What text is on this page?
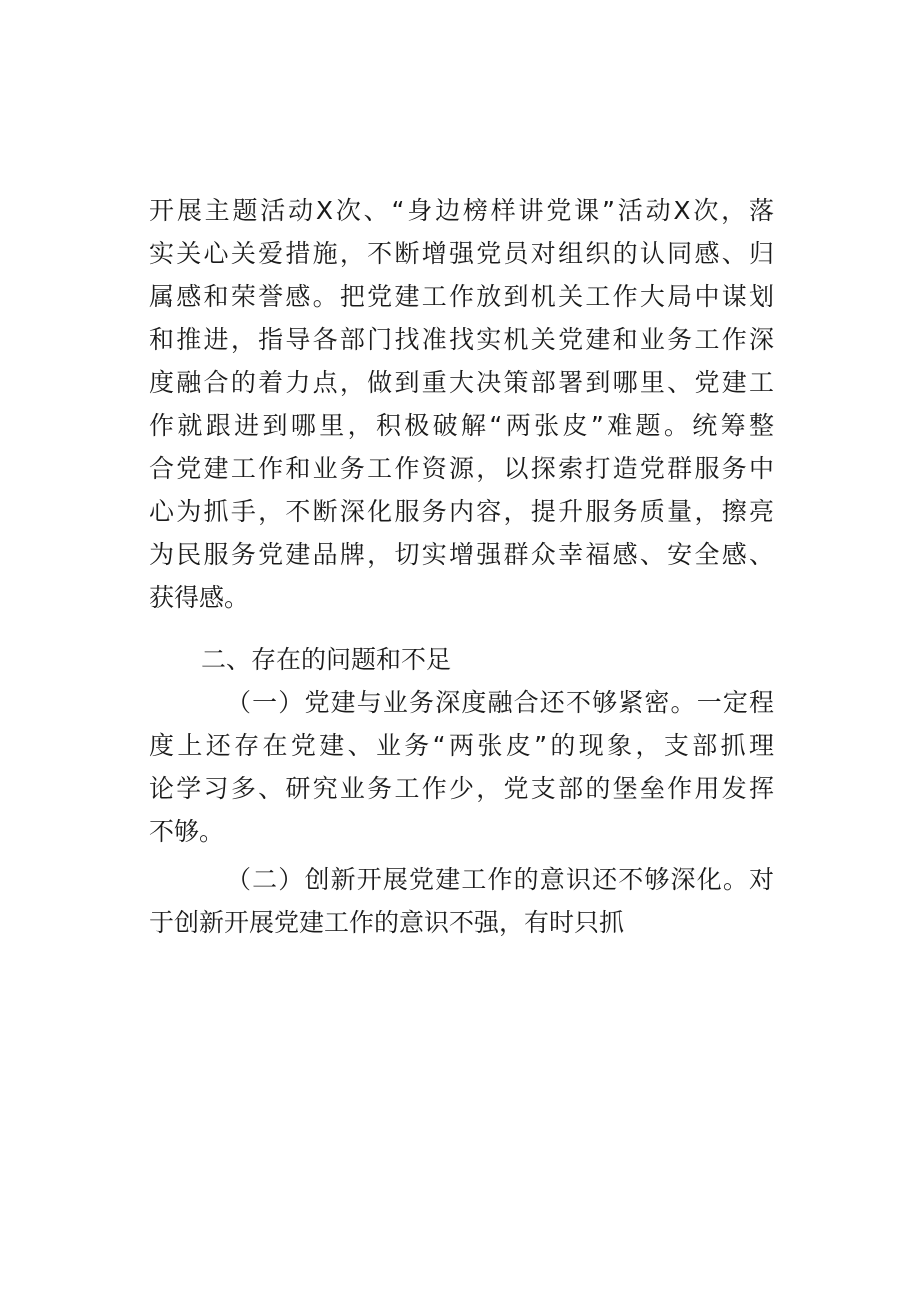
开展主题活动X次、“身边榜样讲党课”活动X次，落
实关心关爱措施，不断增强党员对组织的认同感、归
属感和荣誉感。把党建工作放到机关工作大局中谋划
和推进，指导各部门找准找实机关党建和业务工作深
度融合的着力点，做到重大决策部署到哪里、党建工
作就跟进到哪里，积极破解“两张皮”难题。统筹整
合党建工作和业务工作资源，以探索打造党群服务中
心为抓手，不断深化服务内容，提升服务质量，擦亮
为民服务党建品牌，切实增强群众幸福感、安全感、
获得感。
二、存在的问题和不足
（一）党建与业务深度融合还不够紧密。一定程
度上还存在党建、业务“两张皮”的现象，支部抓理
论学习多、研究业务工作少，党支部的堡垒作用发挥
不够。
（二）创新开展党建工作的意识还不够深化。对
于创新开展党建工作的意识不强，有时只抓
